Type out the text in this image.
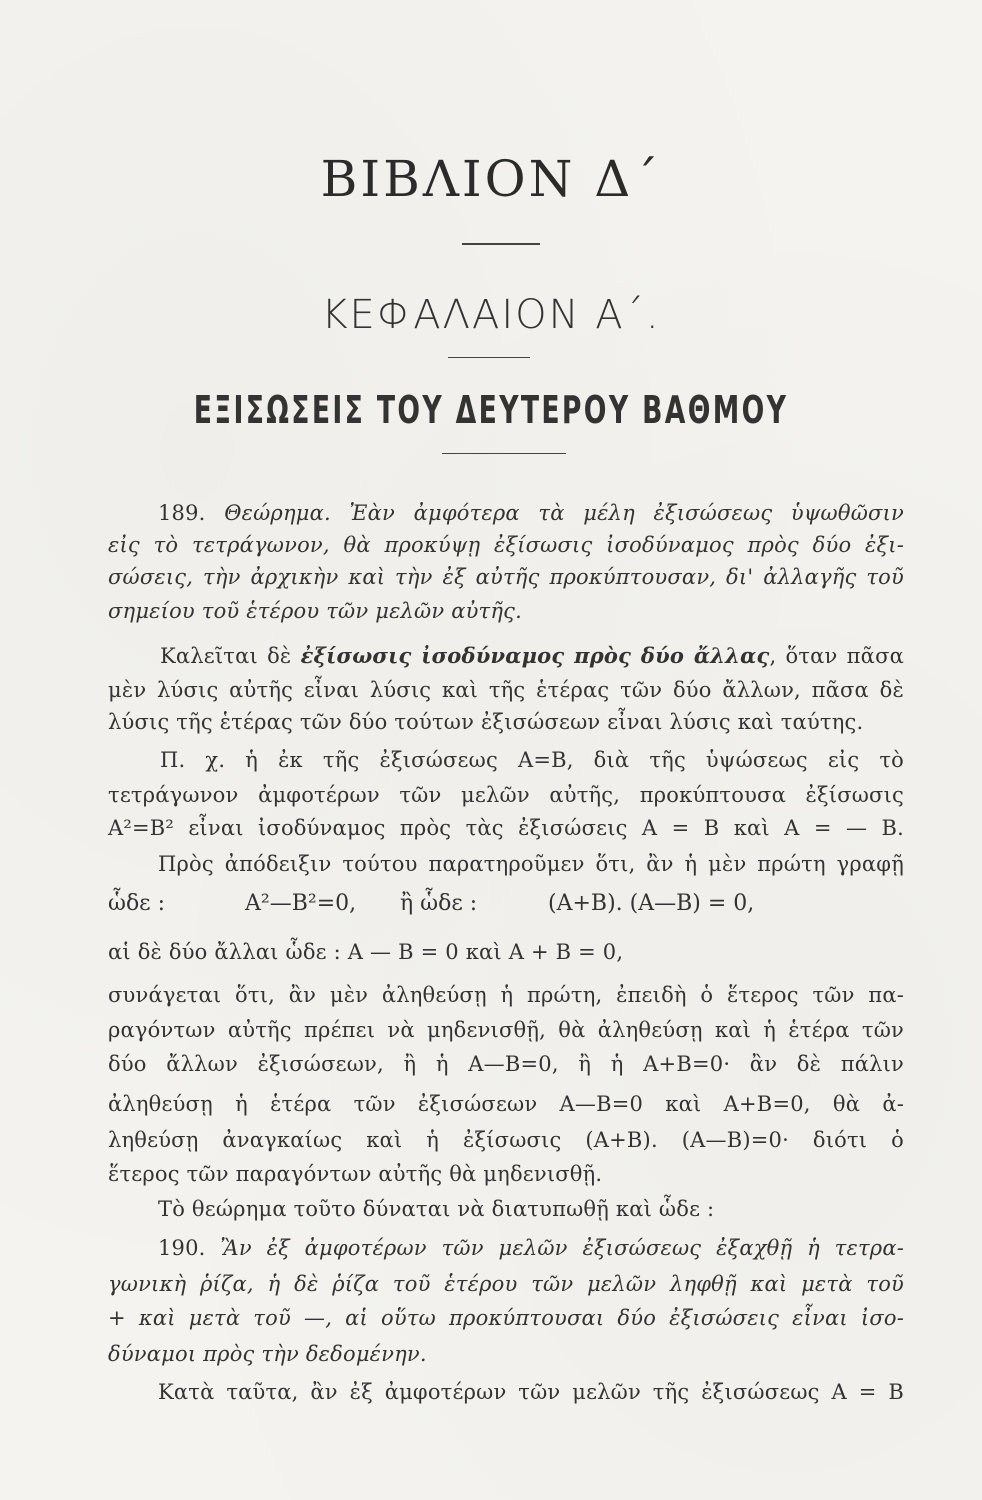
ΒΙΒΛΙΟΝ Δ΄
ΚΕΦΑΛΑΙΟΝ Α΄.
ΕΞΙΣΩΣΕΙΣ ΤΟΥ ΔΕΥΤΕΡΟΥ ΒΑΘΜΟΥ
189. Θεώρημα. Ἐὰν ἀμφότερα τὰ μέλη ἐξισώσεως ὑψωθῶσιν
εἰς τὸ τετράγωνον, θὰ προκύψῃ ἐξίσωσις ἰσοδύναμος πρὸς δύο ἐξι-
σώσεις, τὴν ἀρχικὴν καὶ τὴν ἐξ αὐτῆς προκύπτουσαν, δι' ἀλλαγῆς τοῦ
σημείου τοῦ ἑτέρου τῶν μελῶν αὐτῆς.
Καλεῖται δὲ ἐξίσωσις ἰσοδύναμος πρὸς δύο ἄλλας, ὅταν πᾶσα
μὲν λύσις αὐτῆς εἶναι λύσις καὶ τῆς ἑτέρας τῶν δύο ἄλλων, πᾶσα δὲ
λύσις τῆς ἑτέρας τῶν δύο τούτων ἐξισώσεων εἶναι λύσις καὶ ταύτης.
Π. χ. ἡ ἐκ τῆς ἐξισώσεως Α=Β, διὰ τῆς ὑψώσεως εἰς τὸ
τετράγωνον ἀμφοτέρων τῶν μελῶν αὐτῆς, προκύπτουσα ἐξίσωσις
Α²=Β² εἶναι ἰσοδύναμος πρὸς τὰς ἐξισώσεις Α = Β καὶ Α = — Β.
Πρὸς ἀπόδειξιν τούτου παρατηροῦμεν ὅτι, ἂν ἡ μὲν πρώτη γραφῇ
ὧδε :	Α²—Β²=0, ἢ ὧδε :	(Α+Β). (Α—Β) = 0,
αἱ δὲ δύο ἄλλαι ὧδε : Α — Β = 0 καὶ Α + Β = 0,
συνάγεται ὅτι, ἂν μὲν ἀληθεύσῃ ἡ πρώτη, ἐπειδὴ ὁ ἕτερος τῶν πα-
ραγόντων αὐτῆς πρέπει νὰ μηδενισθῇ, θὰ ἀληθεύσῃ καὶ ἡ ἑτέρα τῶν
δύο ἄλλων ἐξισώσεων, ἢ ἡ Α—Β=0, ἢ ἡ Α+Β=0· ἂν δὲ πάλιν
ἀληθεύσῃ ἡ ἑτέρα τῶν ἐξισώσεων Α—Β=0 καὶ Α+Β=0, θὰ ἀ-
ληθεύσῃ ἀναγκαίως καὶ ἡ ἐξίσωσις (Α+Β). (Α—Β)=0· διότι ὁ
ἕτερος τῶν παραγόντων αὐτῆς θὰ μηδενισθῇ.
Τὸ θεώρημα τοῦτο δύναται νὰ διατυπωθῇ καὶ ὧδε :
190. Ἂν ἐξ ἀμφοτέρων τῶν μελῶν ἐξισώσεως ἐξαχθῇ ἡ τετρα-
γωνικὴ ῥίζα, ἡ δὲ ῥίζα τοῦ ἑτέρου τῶν μελῶν ληφθῇ καὶ μετὰ τοῦ
+ καὶ μετὰ τοῦ —, αἱ οὕτω προκύπτουσαι δύο ἐξισώσεις εἶναι ἰσο-
δύναμοι πρὸς τὴν δεδομένην.
Κατὰ ταῦτα, ἂν ἐξ ἀμφοτέρων τῶν μελῶν τῆς ἐξισώσεως Α = Β
